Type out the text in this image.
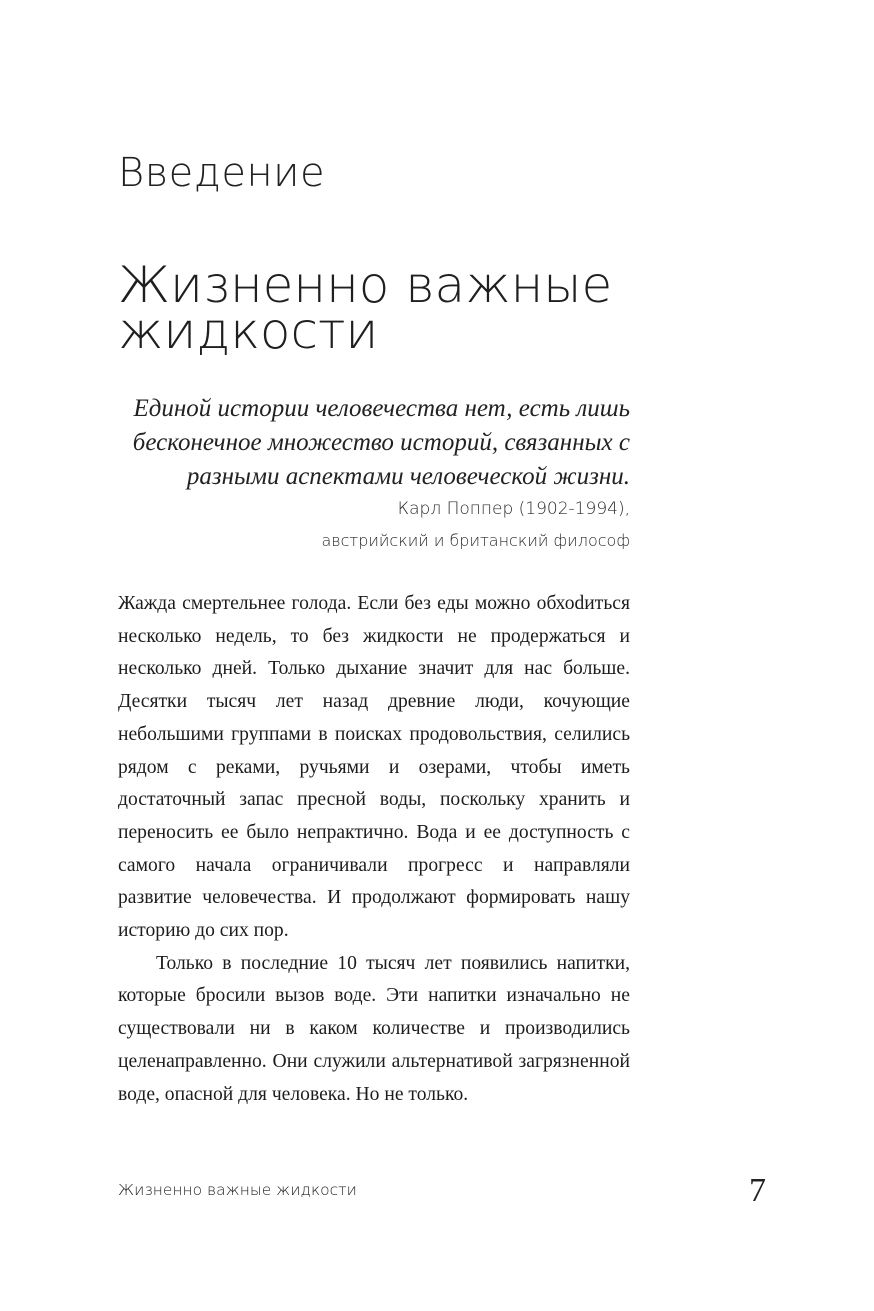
Введение
Жизненно важные жидкости

Единой истории человечества нет, есть лишь бесконечное множество историй, связанных с разными аспектами человеческой жизни.

Карл Поппер (1902-1994),

австрийский и британский философ

Жажда смертельнее голода. Если без еды можно обхоdиться несколько недель, то без жидкости не продержаться и несколько дней. Только дыхание значит для нас больше. Десятки тысяч лет назад древние люди, кочующие небольшими группами в поисках продовольствия, селились рядом с реками, ручьями и озерами, чтобы иметь достаточный запас пресной воды, поскольку хранить и переносить ее было непрактично. Вода и ее доступность с самого начала ограничивали прогресс и направляли развитие человечества. И продолжают формировать нашу историю до сих пор.

Только в последние 10 тысяч лет появились напитки, которые бросили вызов воде. Эти напитки изначально не существовали ни в каком количестве и производились целенаправленно. Они служили альтернативой загрязненной воде, опасной для человека. Но не только.

Жизненно важные жидкости	7
